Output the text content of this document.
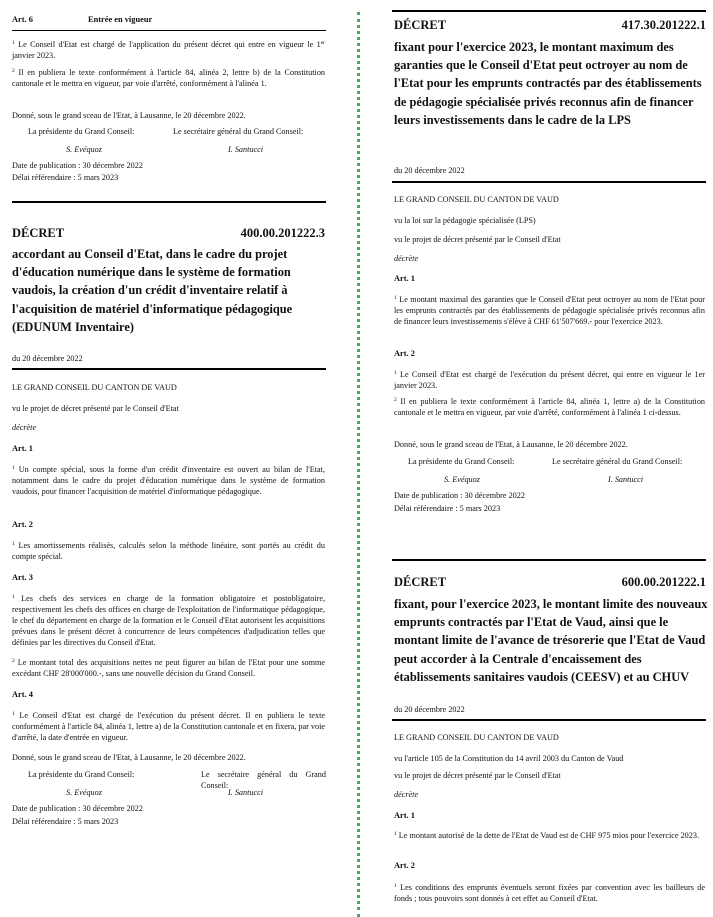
Art. 6	Entrée en vigueur
$^1$ Le Conseil d'Etat est chargé de l'application du présent décret qui entre en vigueur le 1er janvier 2023.
$^2$ Il en publiera le texte conformément à l'article 84, alinéa 2, lettre b) de la Constitution cantonale et le mettra en vigueur, par voie d'arrêté, conformément à l'alinéa 1.
Donné, sous le grand sceau de l'Etat, à Lausanne, le 20 décembre 2022.
La présidente du Grand Conseil:	Le secrétaire général du Grand Conseil:
S. Evéquoz	I. Santucci
Date de publication : 30 décembre 2022
Délai référendaire : 5 mars 2023
DÉCRET	400.00.201222.3

accordant au Conseil d'Etat, dans le cadre du projet d'éducation numérique dans le système de formation vaudois, la création d'un crédit d'inventaire relatif à l'acquisition de matériel d'informatique pédagogique (EDUNUM Inventaire)

du 20 décembre 2022
LE GRAND CONSEIL DU CANTON DE VAUD
vu le projet de décret présenté par le Conseil d'Etat
décrète
Art. 1
$^1$ Un compte spécial, sous la forme d'un crédit d'inventaire est ouvert au bilan de l'Etat, notamment dans le cadre du projet d'éducation numérique dans le système de formation vaudois, pour financer l'acquisition de matériel d'informatique pédagogique.
Art. 2
$^1$ Les amortissements réalisés, calculés selon la méthode linéaire, sont portés au crédit du compte spécial.
Art. 3
$^1$ Les chefs des services en charge de la formation obligatoire et postobligatoire, respectivement les chefs des offices en charge de l'exploitation de l'informatique pédagogique, le chef du département en charge de la formation et le Conseil d'Etat autorisent les acquisitions prévues dans le présent décret à concurrence de leurs compétences d'adjudication telles que définies par les directives du Conseil d'Etat.
$^2$ Le montant total des acquisitions nettes ne peut figurer au bilan de l'Etat pour une somme excédant CHF 28'000'000.-, sans une nouvelle décision du Grand Conseil.
Art. 4
$^1$ Le Conseil d'Etat est chargé de l'exécution du présent décret. Il en publiera le texte conformément à l'article 84, alinéa 1, lettre a) de la Constitution cantonale et en fixera, par voie d'arrêté, la date d'entrée en vigueur.
Donné, sous le grand sceau de l'Etat, à Lausanne, le 20 décembre 2022.
La présidente du Grand Conseil:	Le secrétaire général du Grand Conseil:
S. Evéquoz	I. Santucci
Date de publication : 30 décembre 2022
Délai référendaire : 5 mars 2023
DÉCRET	417.30.201222.1

fixant pour l'exercice 2023, le montant maximum des garanties que le Conseil d'Etat peut octroyer au nom de l'Etat pour les emprunts contractés par des établissements de pédagogie spécialisée privés reconnus afin de financer leurs investissements dans le cadre de la LPS

du 20 décembre 2022
LE GRAND CONSEIL DU CANTON DE VAUD
vu la loi sur la pédagogie spécialisée (LPS)
vu le projet de décret présenté par le Conseil d'Etat
décrète
Art. 1
$^1$ Le montant maximal des garanties que le Conseil d'Etat peut octroyer au nom de l'Etat pour les emprunts contractés par des établissements de pédagogie spécialisée privés reconnus afin de financer leurs investissements s'élève à CHF 61'507'669.- pour l'exercice 2023.
Art. 2
$^1$ Le Conseil d'Etat est chargé de l'exécution du présent décret, qui entre en vigueur le 1er janvier 2023.
$^2$ Il en publiera le texte conformément à l'article 84, alinéa 1, lettre a) de la Constitution cantonale et le mettra en vigueur, par voie d'arrêté, conformément à l'alinéa 1 ci-dessus.
Donné, sous le grand sceau de l'Etat, à Lausanne, le 20 décembre 2022.
La présidente du Grand Conseil:	Le secrétaire général du Grand Conseil:
S. Evéquoz	I. Santucci
Date de publication : 30 décembre 2022
Délai référendaire : 5 mars 2023
DÉCRET	600.00.201222.1

fixant, pour l'exercice 2023, le montant limite des nouveaux emprunts contractés par l'Etat de Vaud, ainsi que le montant limite de l'avance de trésorerie que l'Etat de Vaud peut accorder à la Centrale d'encaissement des établissements sanitaires vaudois (CEESV) et au CHUV

du 20 décembre 2022
LE GRAND CONSEIL DU CANTON DE VAUD
vu l'article 105 de la Constitution du 14 avril 2003 du Canton de Vaud
vu le projet de décret présenté par le Conseil d'Etat
décrète
Art. 1
$^1$ Le montant autorisé de la dette de l'Etat de Vaud est de CHF 975 mios pour l'exercice 2023.
Art. 2
$^1$ Les conditions des emprunts éventuels seront fixées par convention avec les bailleurs de fonds ; tous pouvoirs sont donnés à cet effet au Conseil d'Etat.
